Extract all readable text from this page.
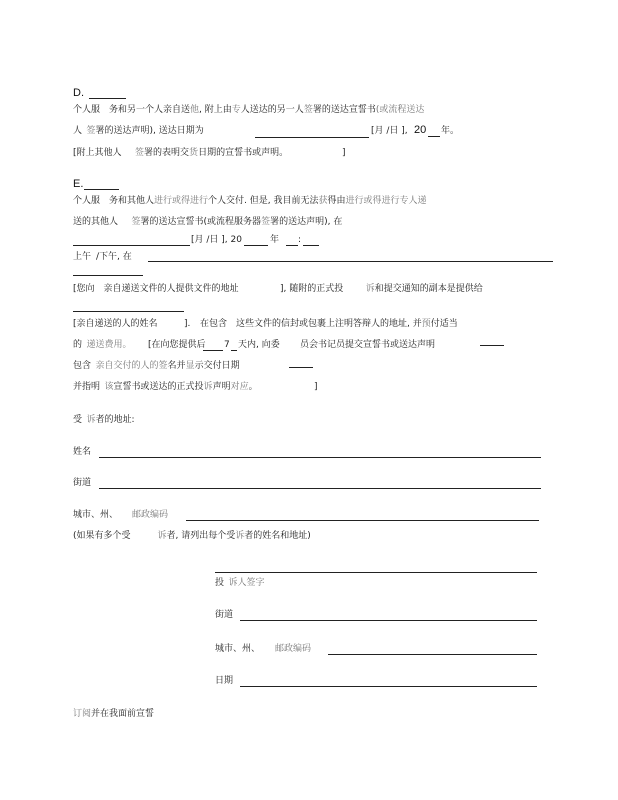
D.
个人服  务和另一个人亲自送他, 附上由专人送达的另一人签署的送达宣誓书(或流程送达
人  签署的送达声明), 送达日期为	[月 /日 ], 20 年。
[附上其他人   签署的表明交货日期的宣誓书或声明。	]
E.
个人服  务和其他人进行或得进行个人交付. 但是, 我目前无法获得由进行或得进行专人递
送的其他人   签署的送达宣誓书(或流程服务器签署的送达声明), 在
[月 /日 ], 20	年 :
上午 /下午, 在
[您向  亲自递送文件的人提供文件的地址	], 随附的正式投   	诉和提交通知的副本是提供给
[亲自递送的人的姓名	]. 在包含  这些文件的信封或包裹上注明答辩人的地址, 并预付适当
的  递送费用。 [在向您提供后 7 天内, 向委 员会书记员提交宣誓书或送达声明
包含  亲自交付的人的签名并显示交付日期
并指明  该宣誓书或送达的正式投诉声明对应。	]
受  诉者的地址:
姓名
街道
城市、州、 邮政编码
(如果有多个受   	诉者, 请列出每个受诉者的姓名和地址)
投  诉人签字
街道
城市、州、 邮政编码
日期
订阅并在我面前宣誓
